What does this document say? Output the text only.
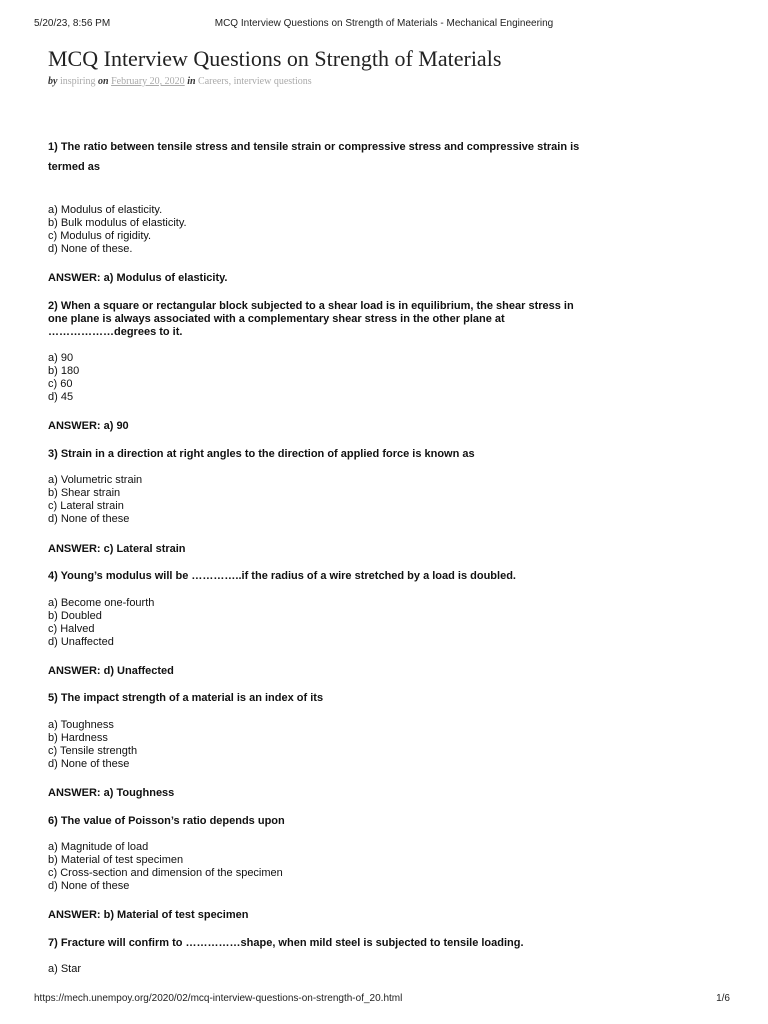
5/20/23, 8:56 PM	MCQ Interview Questions on Strength of Materials - Mechanical Engineering
MCQ Interview Questions on Strength of Materials
by inspiring on February 20, 2020 in Careers, interview questions
1) The ratio between tensile stress and tensile strain or compressive stress and compressive strain is
termed as
a) Modulus of elasticity.
b) Bulk modulus of elasticity.
c) Modulus of rigidity.
d) None of these.
ANSWER: a) Modulus of elasticity.
2) When a square or rectangular block subjected to a shear load is in equilibrium, the shear stress in
one plane is always associated with a complementary shear stress in the other plane at
………………degrees to it.
a) 90
b) 180
c) 60
d) 45
ANSWER: a) 90
3) Strain in a direction at right angles to the direction of applied force is known as
a) Volumetric strain
b) Shear strain
c) Lateral strain
d) None of these
ANSWER: c) Lateral strain
4) Young’s modulus will be …………..if the radius of a wire stretched by a load is doubled.
a) Become one-fourth
b) Doubled
c) Halved
d) Unaffected
ANSWER: d) Unaffected
5) The impact strength of a material is an index of its
a) Toughness
b) Hardness
c) Tensile strength
d) None of these
ANSWER: a) Toughness
6) The value of Poisson’s ratio depends upon
a) Magnitude of load
b) Material of test specimen
c) Cross-section and dimension of the specimen
d) None of these
ANSWER: b) Material of test specimen
7) Fracture will confirm to ……………shape, when mild steel is subjected to tensile loading.
a) Star
https://mech.unempoy.org/2020/02/mcq-interview-questions-on-strength-of_20.html	1/6
